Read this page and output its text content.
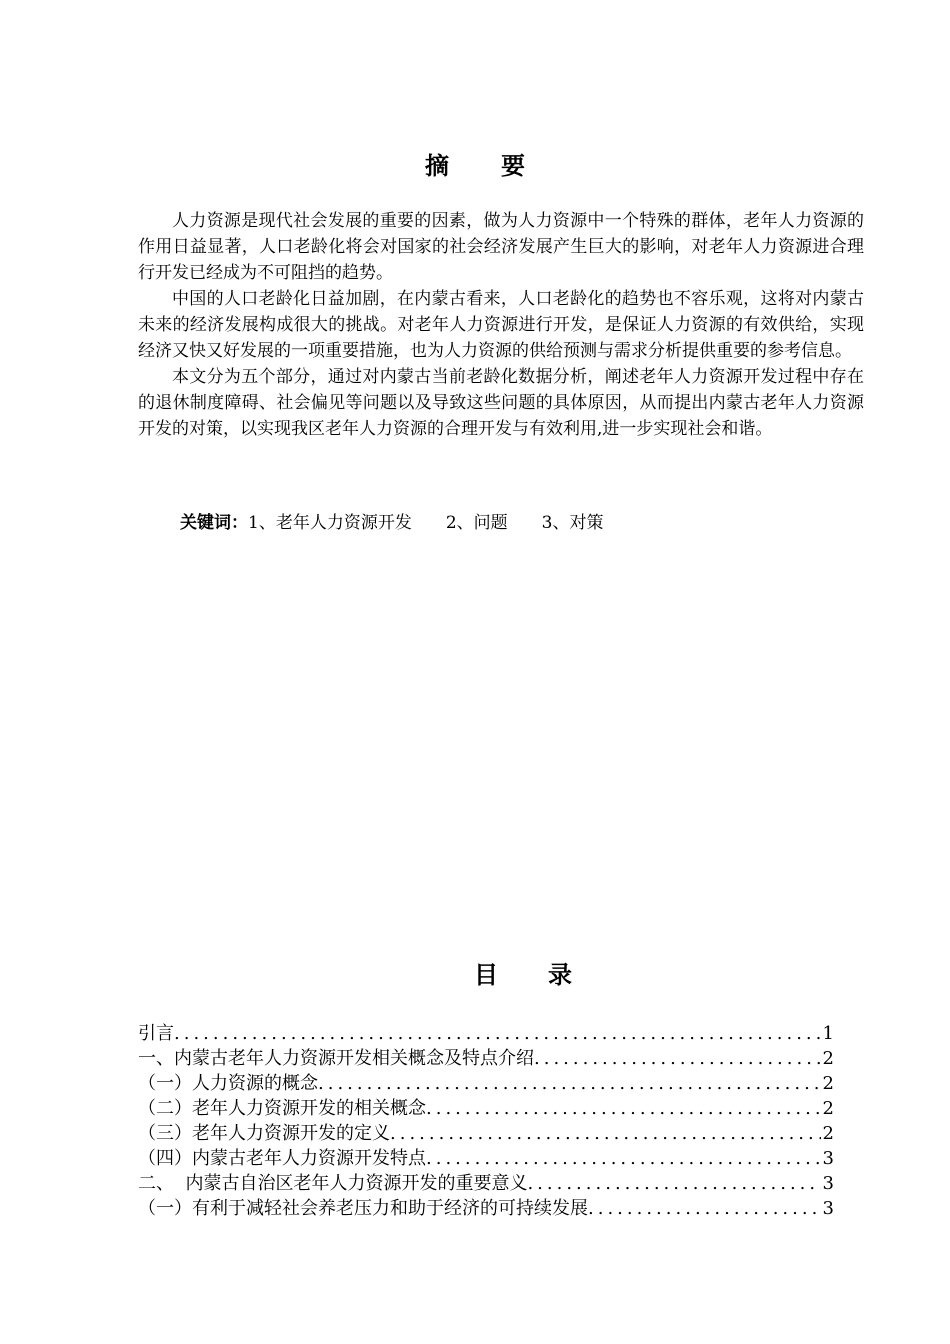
摘 要

人力资源是现代社会发展的重要的因素，做为人力资源中一个特殊的群体，老年人力资源的作用日益显著，人口老龄化将会对国家的社会经济发展产生巨大的影响，对老年人力资源进合理行开发已经成为不可阻挡的趋势。

中国的人口老龄化日益加剧，在内蒙古看来，人口老龄化的趋势也不容乐观，这将对内蒙古未来的经济发展构成很大的挑战。对老年人力资源进行开发，是保证人力资源的有效供给，实现经济又快又好发展的一项重要措施，也为人力资源的供给预测与需求分析提供重要的参考信息。

本文分为五个部分，通过对内蒙古当前老龄化数据分析，阐述老年人力资源开发过程中存在的退休制度障碍、社会偏见等问题以及导致这些问题的具体原因，从而提出内蒙古老年人力资源开发的对策，以实现我区老年人力资源的合理开发与有效利用,进一步实现社会和谐。

关键词：1、老年人力资源开发 2、问题 3、对策
目 录
引言 .....	1
一、内蒙古老年人力资源开发相关概念及特点介绍 .....	2
（一）人力资源的概念 .....	2
（二）老年人力资源开发的相关概念 .....	2
（三）老年人力资源开发的定义 .....	2
（四）内蒙古老年人力资源开发特点 .....	3
二、  内蒙古自治区老年人力资源开发的重要意义 .....	3
（一）有利于减轻社会养老压力和助于经济的可持续发展 .....	3
